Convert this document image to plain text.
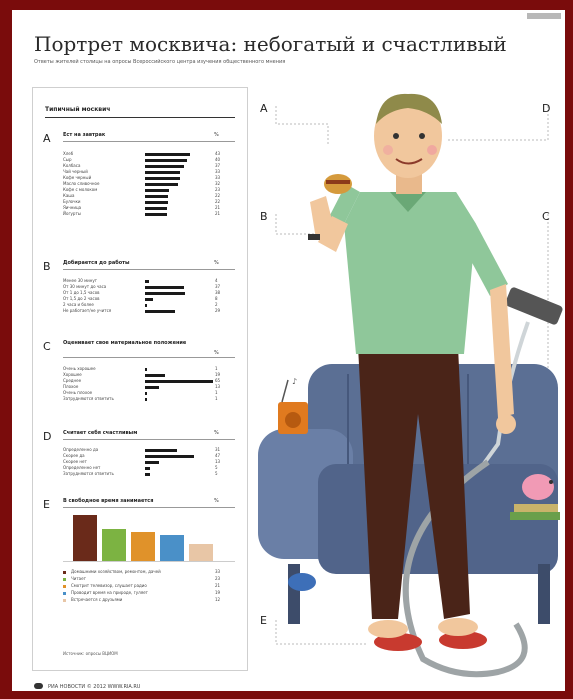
Портрет москвича: небогатый и счастливый
Ответы жителей столицы на опросы Всероссийского центра изучения общественного мнения
Типичный москвич
А Ест на завтрак	%
Хлеб	43
Сыр	40
Колбаса	37
Чай черный	33
Кофе черный	33
Масло сливочное	32
Кофе с молоком	23
Каша	22
Булочки	22
Яичница	21
Йогурты	21
В Добирается до работы	%
Менее 30 минут	4
От 30 минут до часа	37
От 1 до 1,5 часов	38
От 1,5 до 2 часов	8
2 часа и более	2
Не работает/не учится	29
С Оценивает свое материальное положение
%
Очень хорошее	1
Хорошее	19
Среднее	65
Плохое	13
Очень плохое	1
Затрудняются ответить	1
D Считает себя счастливым	%
Определенно да	31
Скорее да	47
Скорее нет	13
Определенно нет	5
Затрудняются ответить	5
Е	В свободное время занимается	%
Домашними хозяйством, ремонтом, дачей	33
Читает	23
Смотрит телевизор, слушает радио	21
Проводит время на природе, гуляет	19
Встречается с друзьями	12
Источник: опросы ВЦИОМ
♪
A
B	C
D
E
РИА НОВОСТИ © 2012 WWW.RIA.RU
